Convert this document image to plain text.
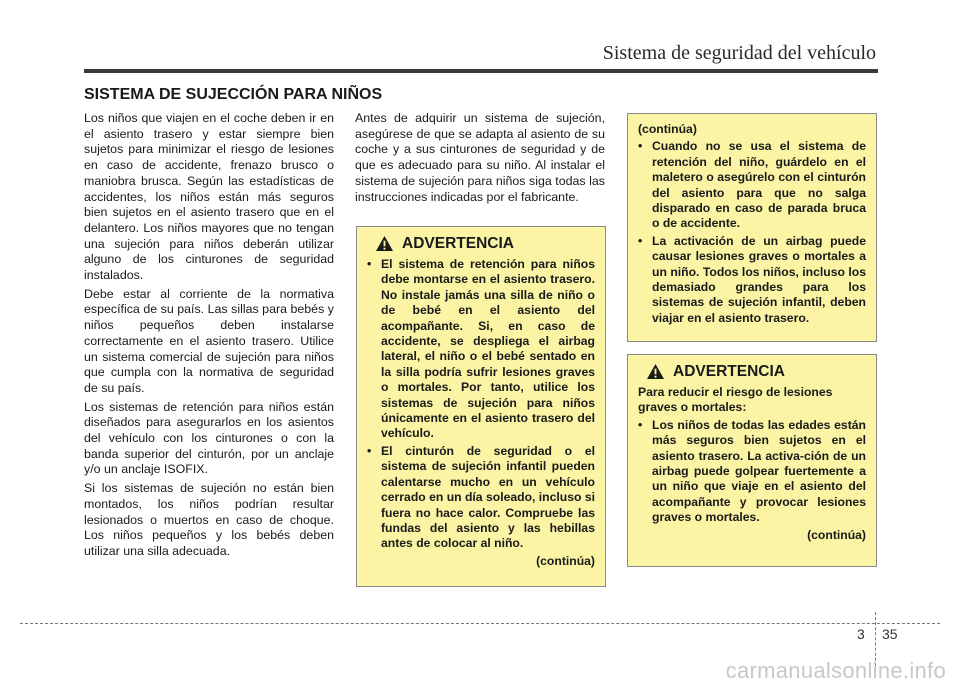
Sistema de seguridad del vehículo
SISTEMA DE SUJECCIÓN PARA NIÑOS

Los niños que viajen en el coche deben ir en el asiento trasero y estar siempre bien sujetos para minimizar el riesgo de lesiones en caso de accidente, frenazo brusco o maniobra brusca. Según las estadísticas de accidentes, los niños están más seguros bien sujetos en el asiento trasero que en el delantero. Los niños mayores que no tengan una sujeción para niños deberán utilizar alguno de los cinturones de seguridad instalados.

Debe estar al corriente de la normativa específica de su país. Las sillas para bebés y niños pequeños deben instalarse correctamente en el asiento trasero. Utilice un sistema comercial de sujeción para niños que cumpla con la normativa de seguridad de su país.

Los sistemas de retención para niños están diseñados para asegurarlos en los asientos del vehículo con los cinturones o con la banda superior del cinturón, por un anclaje y/o un anclaje ISOFIX.

Si los sistemas de sujeción no están bien montados, los niños podrían resultar lesionados o muertos en caso de choque. Los niños pequeños y los bebés deben utilizar una silla adecuada.

Antes de adquirir un sistema de sujeción, asegúrese de que se adapta al asiento de su coche y a sus cinturones de seguridad y de que es adecuado para su niño. Al instalar el sistema de sujeción para niños siga todas las instrucciones indicadas por el fabricante.

ADVERTENCIA
• El sistema de retención para niños debe montarse en el asiento trasero. No instale jamás una silla de niño o de bebé en el asiento del acompañante. Si, en caso de accidente, se despliega el airbag lateral, el niño o el bebé sentado en la silla podría sufrir lesiones graves o mortales. Por tanto, utilice los sistemas de sujeción para niños únicamente en el asiento trasero del vehículo.
• El cinturón de seguridad o el sistema de sujeción infantil pueden calentarse mucho en un vehículo cerrado en un día soleado, incluso si fuera no hace calor. Compruebe las fundas del asiento y las hebillas antes de colocar al niño.
(continúa)
(continúa)
• Cuando no se usa el sistema de retención del niño, guárdelo en el maletero o asegúrelo con el cinturón del asiento para que no salga disparado en caso de parada bruca o de accidente.
• La activación de un airbag puede causar lesiones graves o mortales a un niño. Todos los niños, incluso los demasiado grandes para los sistemas de sujeción infantil, deben viajar en el asiento trasero.
ADVERTENCIA
Para reducir el riesgo de lesiones graves o mortales:
• Los niños de todas las edades están más seguros bien sujetos en el asiento trasero. La activa-ción de un airbag puede golpear fuertemente a un niño que viaje en el asiento del acompañante y provocar lesiones graves o mortales.
(continúa)
3 35
carmanualsonline.info
